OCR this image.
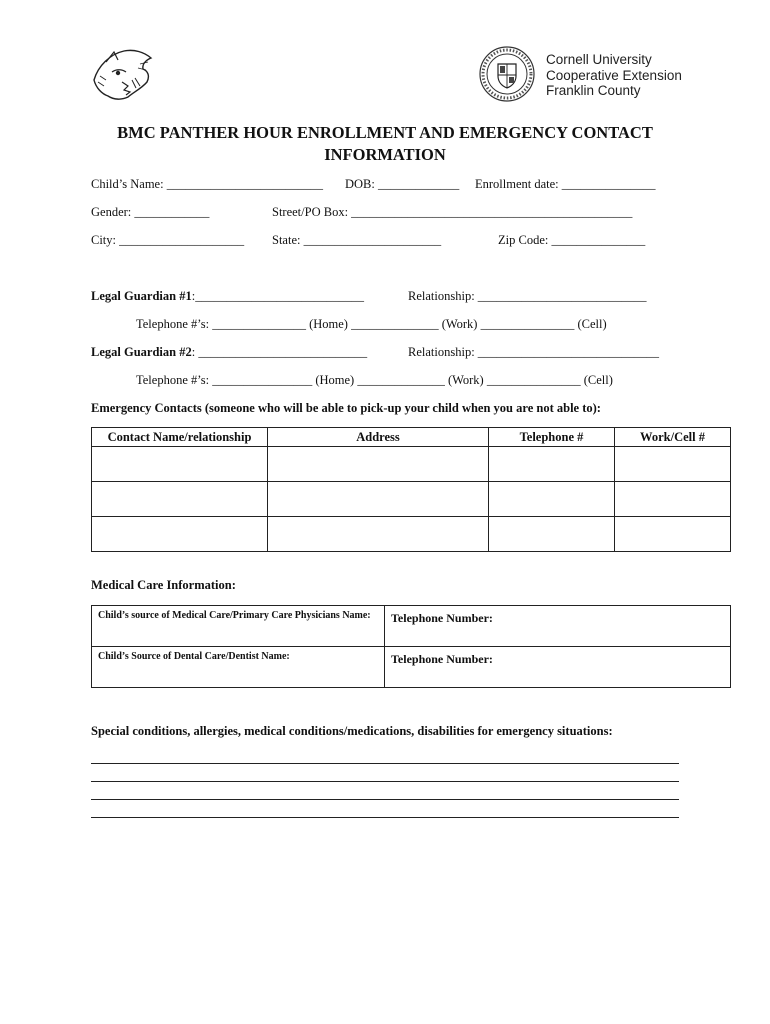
Cornell University
Cooperative Extension
Franklin County
BMC PANTHER HOUR ENROLLMENT AND EMERGENCY CONTACT
INFORMATION
Child’s Name: _________________________ DOB: _____________ Enrollment date: _______________
Gender: ____________	Street/PO Box: _____________________________________________
City: ____________________ State: ______________________	Zip Code: _______________
Legal Guardian #1:___________________________	Relationship: ___________________________
Telephone #’s: _______________ (Home) ______________ (Work) _______________ (Cell)
Legal Guardian #2: ___________________________	Relationship: _____________________________
Telephone #’s: ________________ (Home) ______________ (Work) _______________ (Cell)
Emergency Contacts (someone who will be able to pick-up your child when you are not able to):
Contact Name/relationship	Address	Telephone #	Work/Cell #

Medical Care Information:
Child’s source of Medical Care/Primary Care Physicians Name:	Telephone Number:

Child’s Source of Dental Care/Dentist Name:	Telephone Number:
Special conditions, allergies, medical conditions/medications, disabilities for emergency situations:
